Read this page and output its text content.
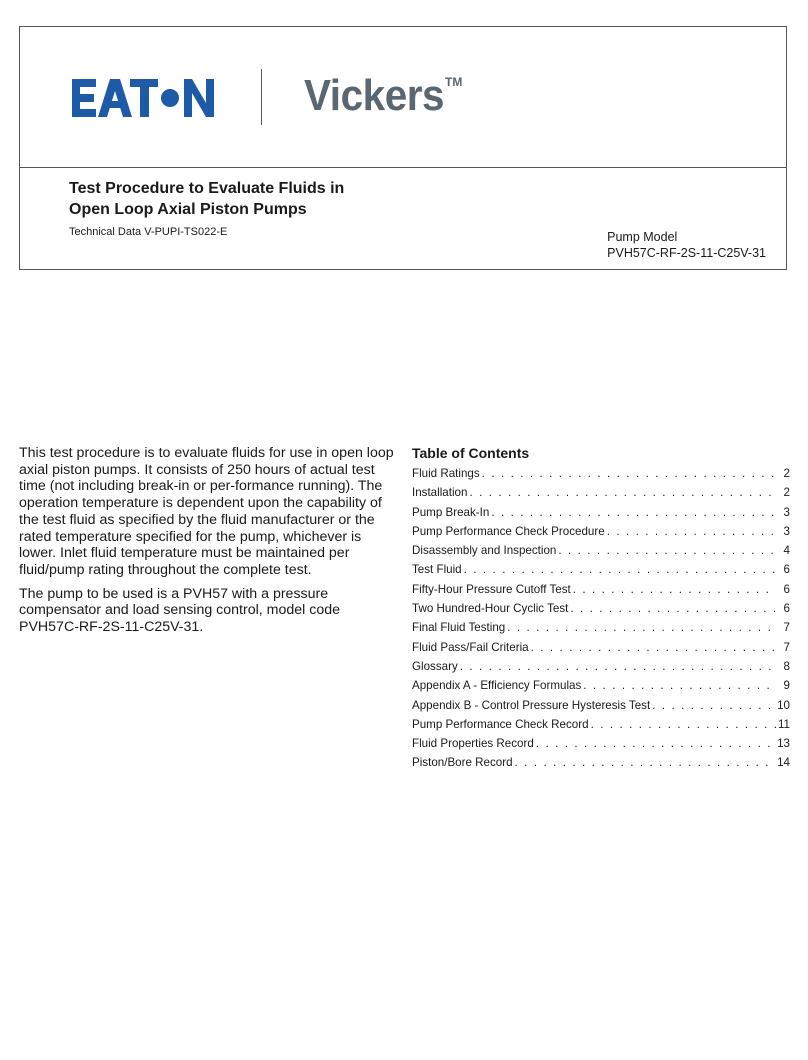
Vickers TM
Test Procedure to Evaluate Fluids in
Open Loop Axial Piston Pumps
Technical Data V-PUPI-TS022-E	Pump Model
PVH57C-RF-2S-11-C25V-31

This test procedure is to evaluate fluids for use in open loop axial piston pumps. It consists of 250 hours of actual test time (not including break-in or per-formance running). The operation temperature is dependent upon the capability of the test fluid as specified by the fluid manufacturer or the rated temperature specified for the pump, whichever is lower. Inlet fluid temperature must be maintained per fluid/pump rating throughout the complete test.

The pump to be used is a PVH57 with a pressure compensator and load sensing control, model code PVH57C-RF-2S-11-C25V-31.

Table of Contents
Fluid Ratings . . .	2
Installation . . .	2
Pump Break-In . . .	3
Pump Performance Check Procedure . . .	3
Disassembly and Inspection . . .	4
Test Fluid . . .	6
Fifty-Hour Pressure Cutoff Test . . .	6
Two Hundred-Hour Cyclic Test . . .	6
Final Fluid Testing . . .	7
Fluid Pass/Fail Criteria . . .	7
Glossary . . .	8
Appendix A - Efficiency Formulas . . .	9
Appendix B - Control Pressure Hysteresis Test . . .	10
Pump Performance Check Record . . .	11
Fluid Properties Record . . .	13
Piston/Bore Record . . .	14
